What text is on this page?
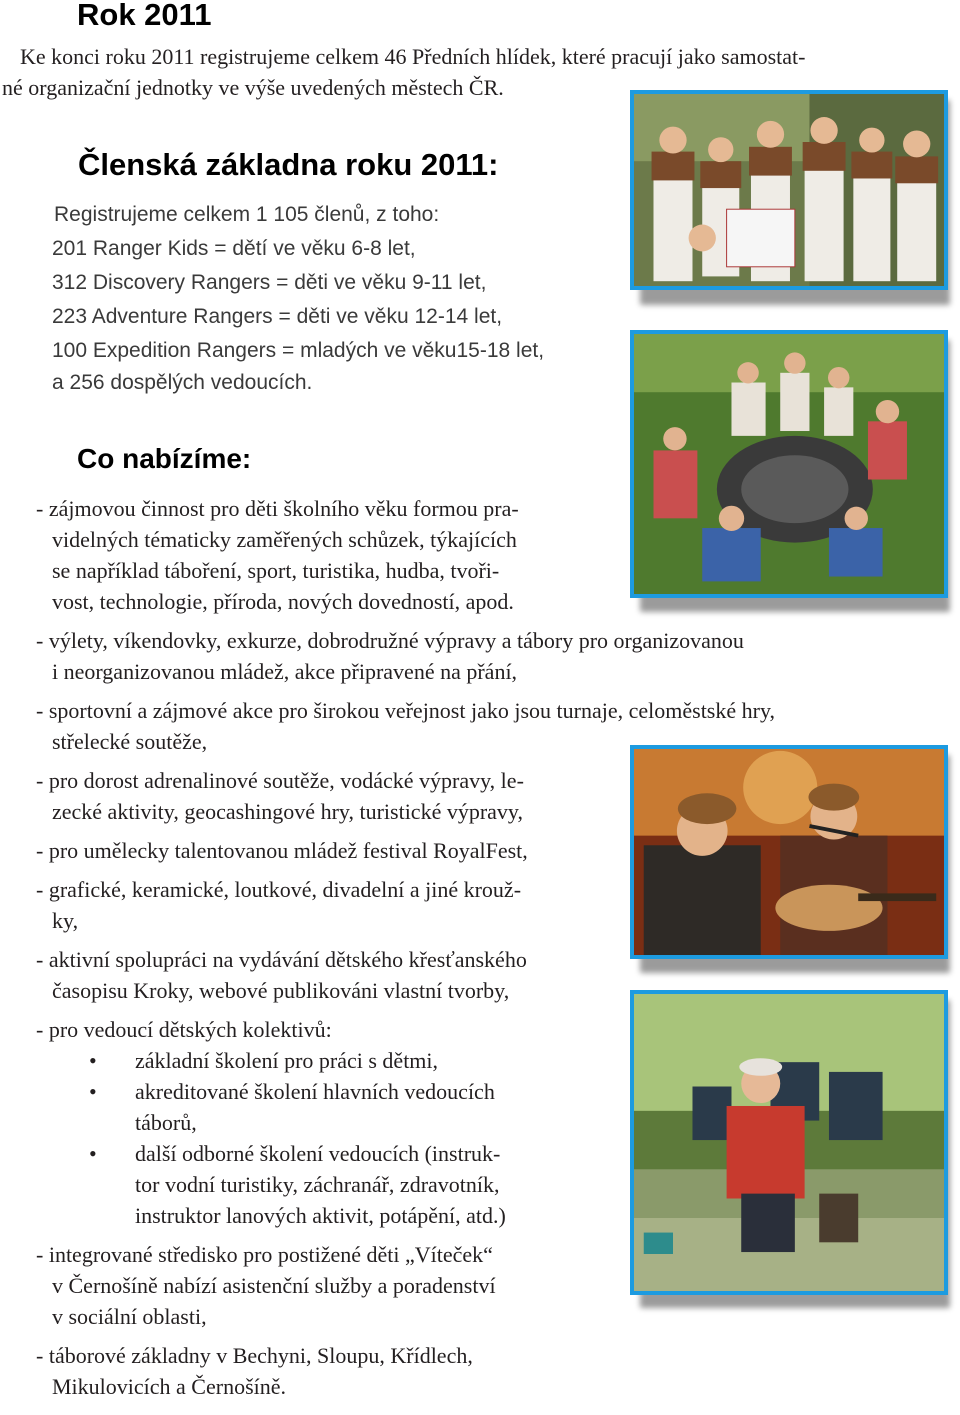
Rok 2011
Ke konci roku 2011 registrujeme celkem 46 Předních hlídek, které pracují jako samostat-
né organizační jednotky ve výše uvedených městech ČR.
Členská základna roku 2011:
Registrujeme celkem 1 105 členů, z toho:
201 Ranger Kids = dětí ve věku 6-8 let,
312 Discovery Rangers = děti ve věku 9-11 let,
223 Adventure Rangers = děti ve věku 12-14 let,
100 Expedition Rangers = mladých ve věku15-18 let,
a 256 dospělých vedoucích.
Co nabízíme:
- zájmovou činnost pro děti školního věku formou pra-
videlných tématicky zaměřených schůzek, týkajících
se například táboření, sport, turistika, hudba, tvoři-
vost, technologie, příroda, nových dovedností, apod.
- výlety, víkendovky, exkurze, dobrodružné výpravy a tábory pro organizovanou
i neorganizovanou mládež, akce připravené na přání,
- sportovní a zájmové akce pro širokou veřejnost jako jsou turnaje, celoměstské hry,
střelecké soutěže,
- pro dorost adrenalinové soutěže, vodácké výpravy, le-
zecké aktivity, geocashingové hry, turistické výpravy,
- pro umělecky talentovanou mládež festival RoyalFest,
- grafické, keramické, loutkové, divadelní a jiné krouž-
ky,
- aktivní spolupráci na vydávání dětského křesťanského
časopisu Kroky, webové publikováni vlastní tvorby,
- pro vedoucí dětských kolektivů:
• základní školení pro práci s dětmi,
• akreditované školení hlavních vedoucích
táborů,
• další odborné školení vedoucích (instruk-
tor vodní turistiky, záchranář, zdravotník,
instruktor lanových aktivit, potápění, atd.)
- integrované středisko pro postižené děti „Víteček“
v Černošíně nabízí asistenční služby a poradenství
v sociální oblasti,
- táborové základny v Bechyni, Sloupu, Křídlech,
Mikulovicích a Černošíně.
